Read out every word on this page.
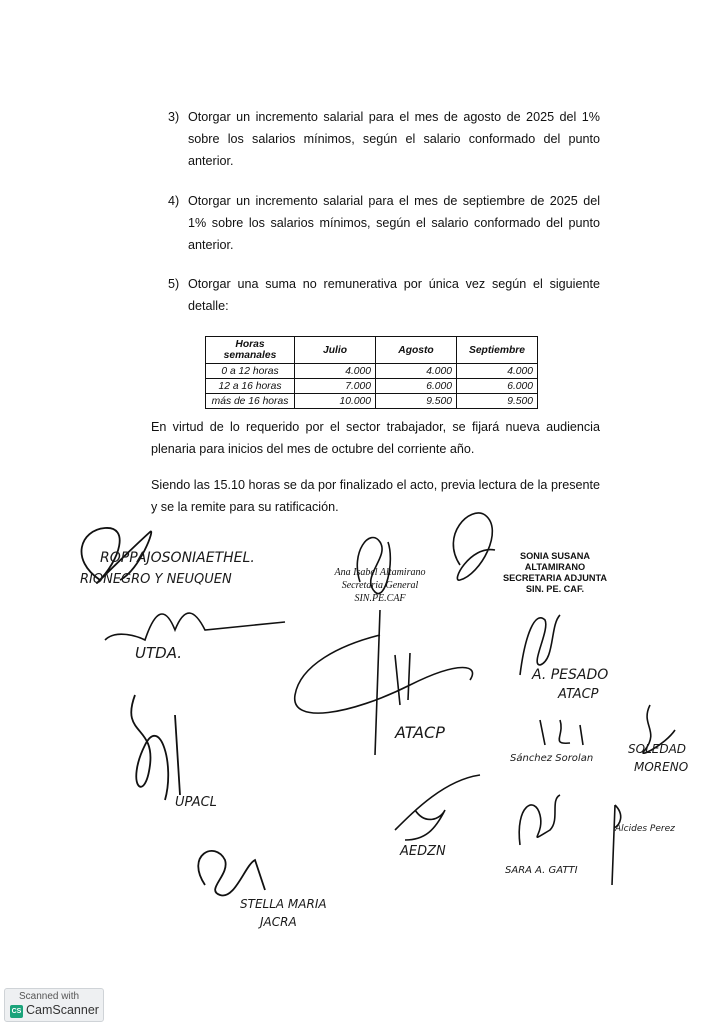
3) Otorgar un incremento salarial para el mes de agosto de 2025 del 1% sobre los salarios mínimos, según el salario conformado del punto anterior.
4) Otorgar un incremento salarial para el mes de septiembre de 2025 del 1% sobre los salarios mínimos, según el salario conformado del punto anterior.
5) Otorgar una suma no remunerativa por única vez según el siguiente detalle:
Horas semanales	Julio	Agosto	Septiembre
0 a 12 horas	4.000	4.000	4.000
12 a 16 horas	7.000	6.000	6.000
más de 16 horas	10.000	9.500	9.500
En virtud de lo requerido por el sector trabajador, se fijará nueva audiencia plenaria para inicios del mes de octubre del corriente año.
Siendo las 15.10 horas se da por finalizado el acto, previa lectura de la presente y se la remite para su ratificación.
ROPPAJOSONIAETHEL.
RIONEGRO Y NEUQUEN	Ana Isabel Altamirano
Secretaria General
SIN.PE.CAF
SONIA SUSANA ALTAMIRANO
SECRETARIA ADJUNTA
SIN. PE. CAF.
UTDA.
ATACP
A. PESADO
ATACP
Sánchez Sorolan
SOLEDAD
MORENO
UPACL
AEDZN
SARA A. GATTI
Alcides Perez
STELLA MARIA
JACRA
Scanned with
CS CamScanner
